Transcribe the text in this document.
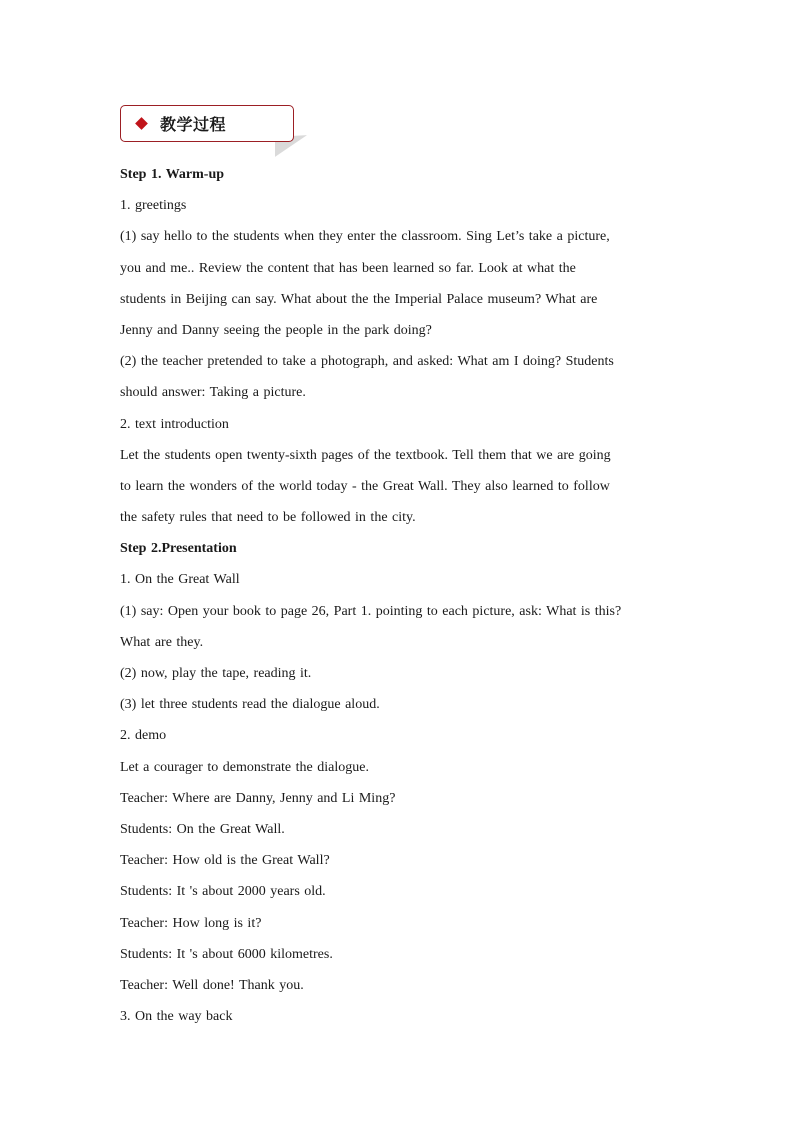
教学过程
Step 1. Warm-up
1. greetings
(1) say hello to the students when they enter the classroom. Sing Let’s take a picture,
you and me.. Review the content that has been learned so far. Look at what the
students in Beijing can say. What about the the Imperial Palace museum? What are
Jenny and Danny seeing the people in the park doing?
(2) the teacher pretended to take a photograph, and asked: What am I doing? Students
should answer: Taking a picture.
2. text introduction
Let the students open twenty-sixth pages of the textbook. Tell them that we are going
to learn the wonders of the world today - the Great Wall. They also learned to follow
the safety rules that need to be followed in the city.
Step 2.Presentation
1. On the Great Wall
(1) say: Open your book to page 26, Part 1. pointing to each picture, ask: What is this?
What are they.
(2) now, play the tape, reading it.
(3) let three students read the dialogue aloud.
2. demo
Let a courager to demonstrate the dialogue.
Teacher: Where are Danny, Jenny and Li Ming?
Students: On the Great Wall.
Teacher: How old is the Great Wall?
Students: It 's about 2000 years old.
Teacher: How long is it?
Students: It 's about 6000 kilometres.
Teacher: Well done! Thank you.
3. On the way back
